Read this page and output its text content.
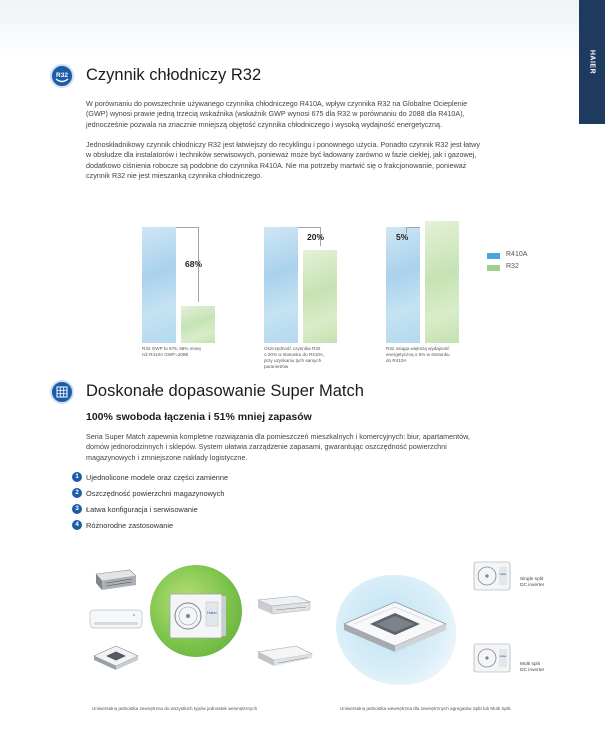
HAIER
R32 Czynnik chłodniczy R32
W porównaniu do powszechnie używanego czynnika chłodniczego R410A, wpływ czynnika R32 na Globalne Ocieplenie
(GWP) wynosi prawie jedną trzecią wskaźnika (wskaźnik GWP wynosi 675 dla R32 w porównaniu do 2088 dla R410A),
jednocześnie pozwala na znacznie mniejszą objętość czynnika chłodniczego i wysoką wydajność energetyczną.
Jednoskładnikowy czynnik chłodniczy R32 jest łatwiejszy do recyklingu i ponownego użycia. Ponadto czynnik R32 jest łatwy
w obsłudze dla instalatorów i techników serwisowych, ponieważ może być ładowany zarówno w fazie ciekłej, jak i gazowej,
dodatkowo ciśnienia robocze są podobne do czynnika R410A. Nie ma potrzeby martwić się o frakcjonowanie, ponieważ
czynnik R32 nie jest mieszanką czynnika chłodniczego.
68%
R32 GWP to 675, 68% mniej
niż R410A GWP=2088
20%
Oszczędność czynnika R32
o 20% w stosunku do R410A,
przy uzyskaniu tych samych
parametrów
5%
R32 osiąga większą wydajność
energetyczną o 5% w stosunku
do R410A
R410A
R32
Doskonałe dopasowanie Super Match
100% swoboda łączenia i 51% mniej zapasów
Seria Super Match zapewnia kompletne rozwiązania dla pomieszczeń mieszkalnych i komercyjnych: biur, apartamentów,
domów jednorodzinnych i sklepów. System ułatwia zarządzenie zapasami, gwarantując oszczędność powierzchni
magazynowych i zmniejszone nakłady logistyczne.
1 Ujednolicone modele oraz części zamienne
2 Oszczędność powierzchni magazynowych
3 Łatwa konfiguracja i serwisowanie
4 Różnorodne zastosowanie
Haier
Uniwersalna jednostka zewnętrzna do wszystkich typów jednostek wewnętrznych
Haier
Single split
DC inverter
Haier
Multi split
DC inverter
Uniwersalna jednostka wewnętrzna dla zewnętrznych agregatów Split lub Multi Split.
